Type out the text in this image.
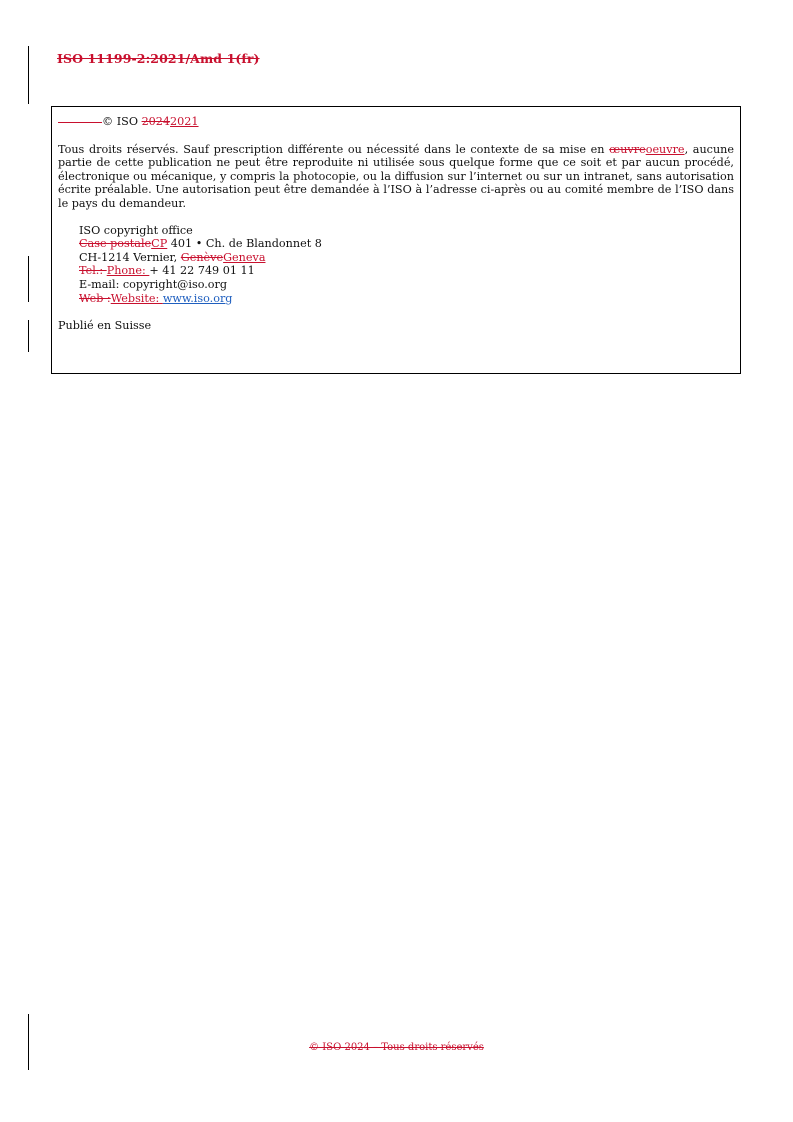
ISO 11199-2:2021/Amd 1(fr)
© ISO 20242021

Tous droits réservés. Sauf prescription différente ou nécessité dans le contexte de sa mise en œuvreoeuvre, aucune partie de cette publication ne peut être reproduite ni utilisée sous quelque forme que ce soit et par aucun procédé, électronique ou mécanique, y compris la photocopie, ou la diffusion sur l’internet ou sur un intranet, sans autorisation écrite préalable. Une autorisation peut être demandée à l’ISO à l’adresse ci-après ou au comité membre de l’ISO dans le pays du demandeur.

ISO copyright office
Case postaleCP 401 • Ch. de Blandonnet 8
CH-1214 Vernier, GenèveGeneva
Tel.: Phone: + 41 22 749 01 11
E-mail: copyright@iso.org
Web :Website: www.iso.org

Publié en Suisse

© ISO 2024 – Tous droits réservés
